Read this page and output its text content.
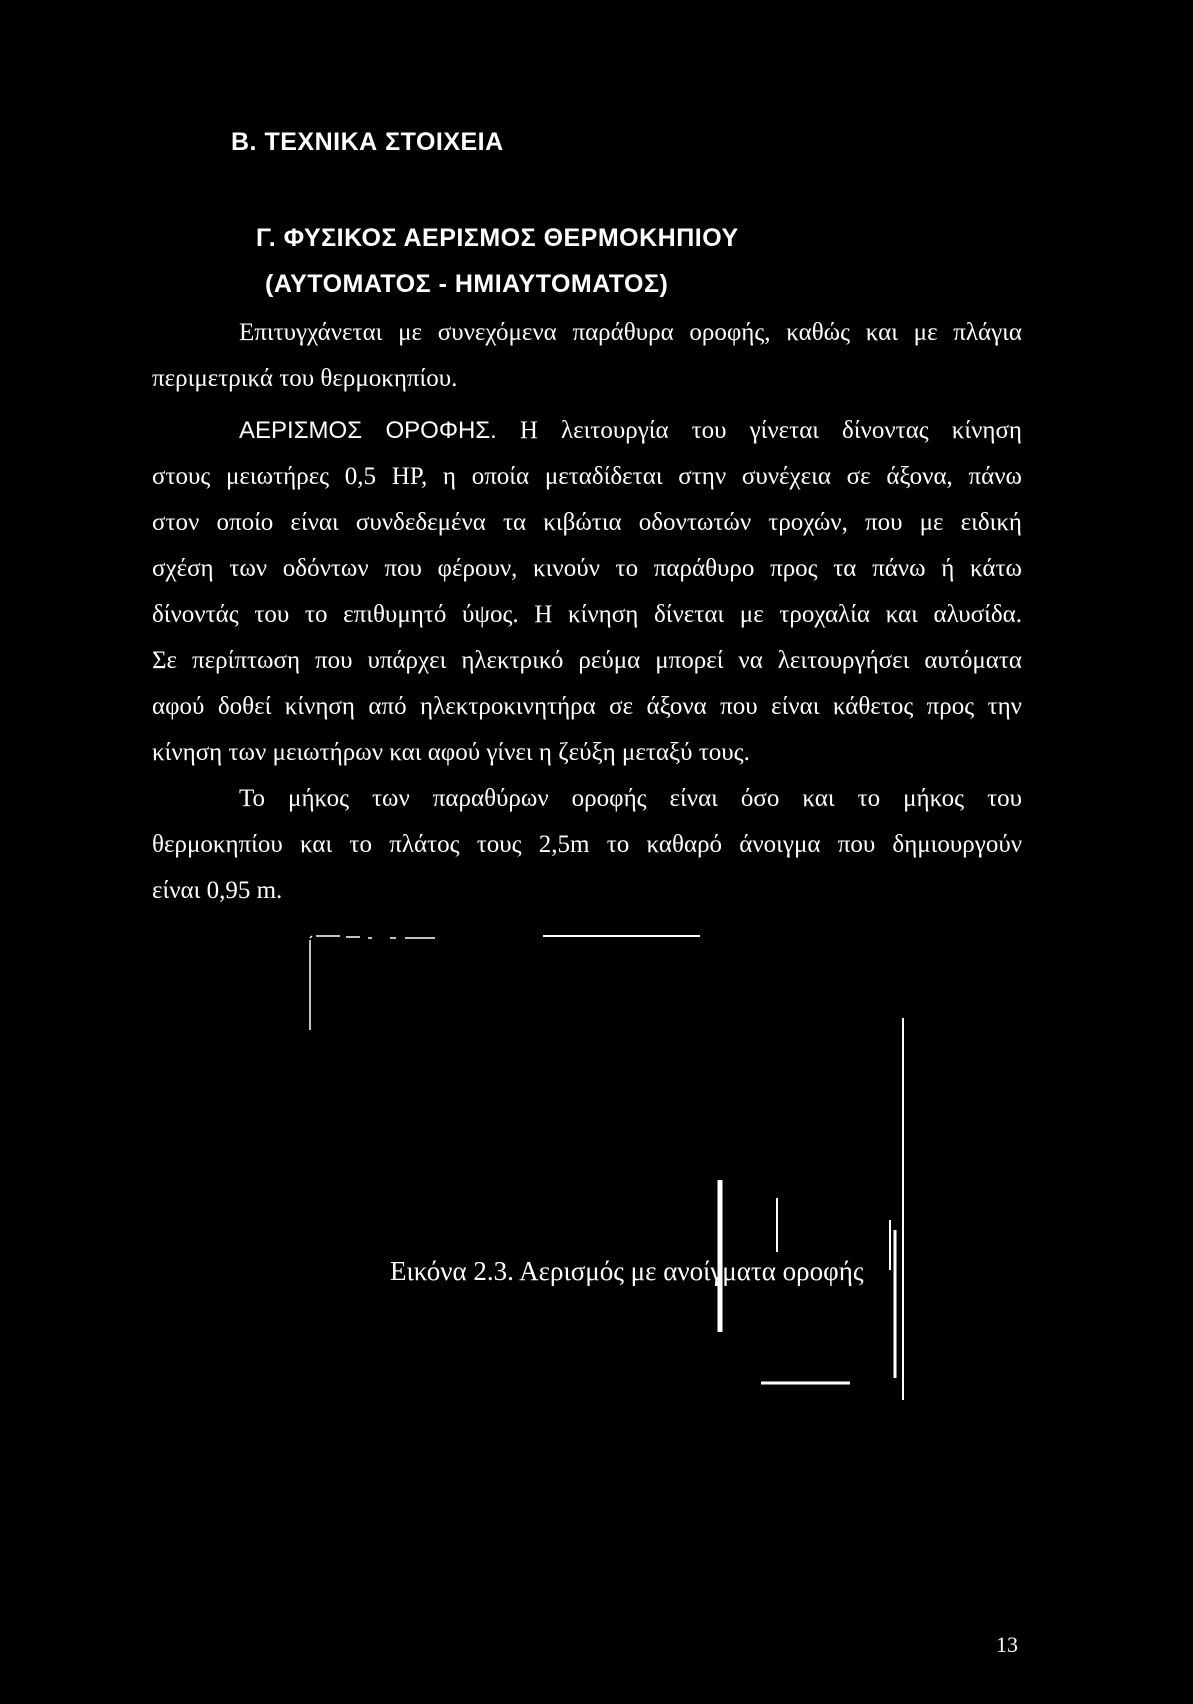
Β. ΤΕΧΝΙΚΑ ΣΤΟΙΧΕΙΑ
Γ. ΦΥΣΙΚΟΣ ΑΕΡΙΣΜΟΣ ΘΕΡΜΟΚΗΠΙΟΥ
(ΑΥΤΟΜΑΤΟΣ - ΗΜΙΑΥΤΟΜΑΤΟΣ)
Επιτυγχάνεται με συνεχόμενα παράθυρα οροφής, καθώς και με πλάγια
περιμετρικά του θερμοκηπίου.
ΑΕΡΙΣΜΟΣ ΟΡΟΦΗΣ. Η λειτουργία του γίνεται δίνοντας κίνηση
στους μειωτήρες 0,5 HP, η οποία μεταδίδεται στην συνέχεια σε άξονα, πάνω
στον οποίο είναι συνδεδεμένα τα κιβώτια οδοντωτών τροχών, που με ειδική
σχέση των οδόντων που φέρουν, κινούν το παράθυρο προς τα πάνω ή κάτω
δίνοντάς του το επιθυμητό ύψος. Η κίνηση δίνεται με τροχαλία και αλυσίδα.
Σε περίπτωση που υπάρχει ηλεκτρικό ρεύμα μπορεί να λειτουργήσει αυτόματα
αφού δοθεί κίνηση από ηλεκτροκινητήρα σε άξονα που είναι κάθετος προς την
κίνηση των μειωτήρων και αφού γίνει η ζεύξη μεταξύ τους.
Το μήκος των παραθύρων οροφής είναι όσο και το μήκος του
θερμοκηπίου και το πλάτος τους 2,5m το καθαρό άνοιγμα που δημιουργούν
είναι 0,95 m.
Εικόνα 2.3. Αερισμός με ανοίγματα οροφής
13
